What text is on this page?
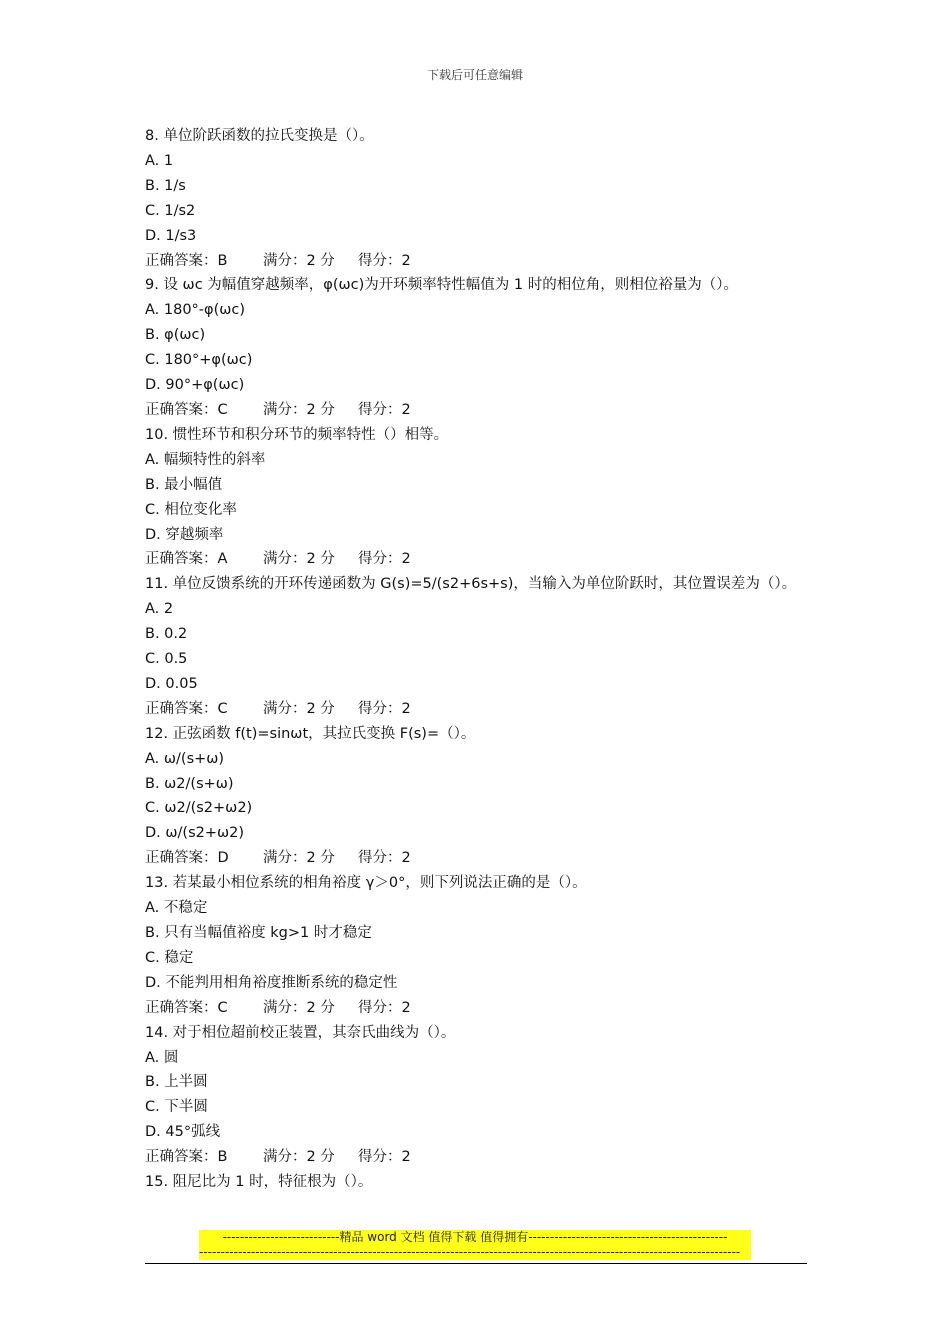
下载后可任意编辑
8. 单位阶跃函数的拉氏变换是（）。
A. 1
B. 1/s
C. 1/s2
D. 1/s3
正确答案：B 满分：2 分 得分：2
9. 设 ωc 为幅值穿越频率，φ(ωc)为开环频率特性幅值为 1 时的相位角，则相位裕量为（）。
A. 180°-φ(ωc)
B. φ(ωc)
C. 180°+φ(ωc)
D. 90°+φ(ωc)
正确答案：C 满分：2 分 得分：2
10. 惯性环节和积分环节的频率特性（）相等。
A. 幅频特性的斜率
B. 最小幅值
C. 相位变化率
D. 穿越频率
正确答案：A 满分：2 分 得分：2
11. 单位反馈系统的开环传递函数为 G(s)=5/(s2+6s+s)，当输入为单位阶跃时，其位置误差为（）。
A. 2
B. 0.2
C. 0.5
D. 0.05
正确答案：C 满分：2 分 得分：2
12. 正弦函数 f(t)=sinωt，其拉氏变换 F(s)=（）。
A. ω/(s+ω)
B. ω2/(s+ω)
C. ω2/(s2+ω2)
D. ω/(s2+ω2)
正确答案：D 满分：2 分 得分：2
13. 若某最小相位系统的相角裕度 γ＞0°，则下列说法正确的是（）。
A. 不稳定
B. 只有当幅值裕度 kg>1 时才稳定
C. 稳定
D. 不能判用相角裕度推断系统的稳定性
正确答案：C 满分：2 分 得分：2
14. 对于相位超前校正装置，其奈氏曲线为（）。
A. 圆
B. 上半圆
C. 下半圆
D. 45°弧线
正确答案：B 满分：2 分 得分：2
15. 阻尼比为 1 时，特征根为（）。
---------------------------精品 word 文档 值得下载 值得拥有----------------------------------------------
-----------------------------------------------------------------------------------------------------------------------------
